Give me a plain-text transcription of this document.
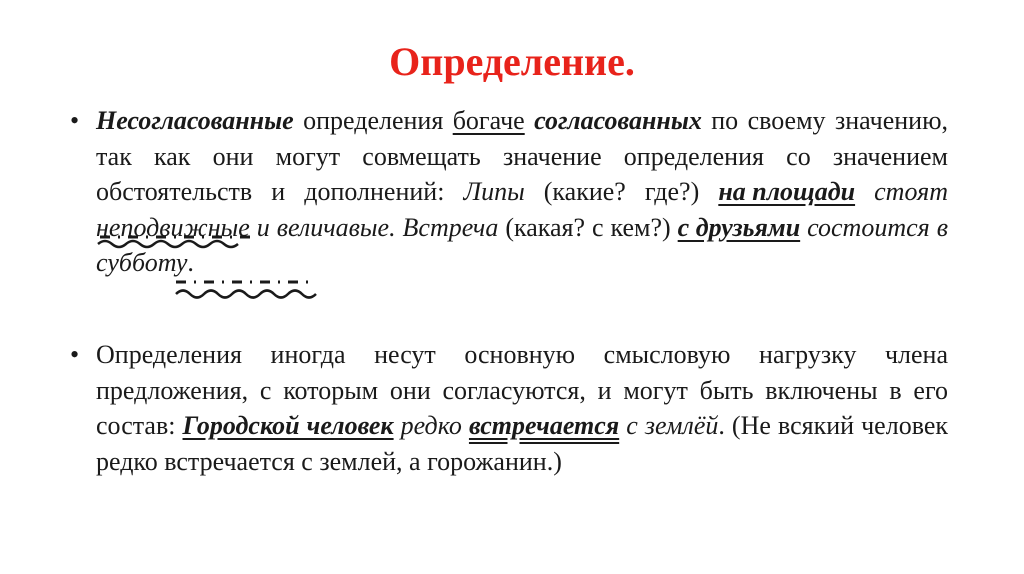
Определение.
• Несогласованные определения богаче согласованных по своему значению, так как они могут совмещать значение определения со значением обстоятельств и дополнений: Липы (какие? где?) на площади стоят неподвижные и величавые. Встреча (какая? с кем?) с друзьями состоится в субботу.
• Определения иногда несут основную смысловую нагрузку члена предложения, с которым они согласуются, и могут быть включены в его состав: Городской человек редко встречается с землёй. (Не всякий человек редко встречается с землей, а горожанин.)
